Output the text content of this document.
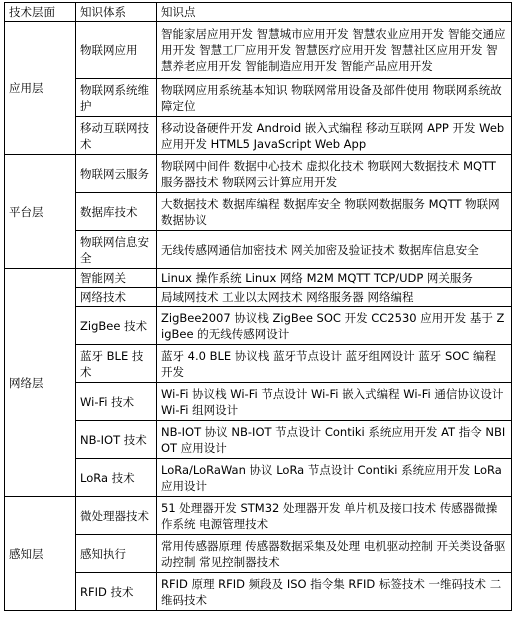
技术层面	知识体系	知识点
应用层	物联网应用	智能家居应用开发 智慧城市应用开发 智慧农业应用开发 智能交通应用开发 智慧工厂应用开发 智慧医疗应用开发 智慧社区应用开发 智慧养老应用开发 智能制造应用开发 智能产品应用开发
	物联网系统维护	物联网应用系统基本知识 物联网常用设备及部件使用 物联网系统故障定位
	移动互联网技术	移动设备硬件开发 Android 嵌入式编程 移动互联网 APP 开发 Web 应用开发 HTML5 JavaScript Web App
平台层	物联网云服务	物联网中间件 数据中心技术 虚拟化技术 物联网大数据技术 MQTT 服务器技术 物联网云计算应用开发
	数据库技术	大数据技术 数据库编程 数据库安全 物联网数据服务 MQTT 物联网数据协议
	物联网信息安全	无线传感网通信加密技术 网关加密及验证技术 数据库信息安全
网络层	智能网关	Linux 操作系统 Linux 网络 M2M MQTT TCP/UDP 网关服务
	网络技术	局域网技术 工业以太网技术 网络服务器 网络编程
	ZigBee 技术	ZigBee2007 协议栈 ZigBee SOC 开发 CC2530 应用开发 基于 ZigBee 的无线传感网设计
	蓝牙 BLE 技术	蓝牙 4.0 BLE 协议栈 蓝牙节点设计 蓝牙组网设计 蓝牙 SOC 编程开发
	Wi-Fi 技术	Wi-Fi 协议栈 Wi-Fi 节点设计 Wi-Fi 嵌入式编程 Wi-Fi 通信协议设计 Wi-Fi 组网设计
	NB-IOT 技术	NB-IOT 协议 NB-IOT 节点设计 Contiki 系统应用开发 AT 指令 NBIOT 应用设计
	LoRa 技术	LoRa/LoRaWan 协议 LoRa 节点设计 Contiki 系统应用开发 LoRa 应用设计
感知层	微处理器技术	51 处理器开发 STM32 处理器开发 单片机及接口技术 传感器微操作系统 电源管理技术
	感知执行	常用传感器原理 传感器数据采集及处理 电机驱动控制 开关类设备驱动控制 常见控制器技术
	RFID 技术	RFID 原理 RFID 频段及 ISO 指令集 RFID 标签技术 一维码技术 二维码技术
